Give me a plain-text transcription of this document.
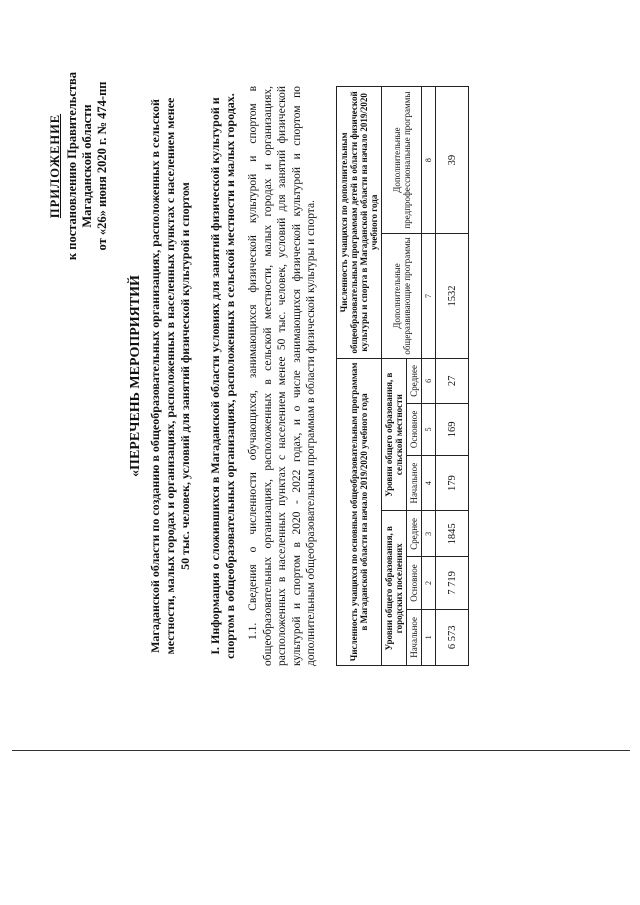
ПРИЛОЖЕНИЕ к постановлению Правительства Магаданской области от «26» июня 2020 г. № 474-пп
«ПЕРЕЧЕНЬ МЕРОПРИЯТИЙ Магаданской области по созданию в общеобразовательных организациях, расположенных в сельской местности, малых городах и организациях, расположенных в населенных пунктах с населением менее 50 тыс. человек, условий для занятий физической культурой и спортом I. Информация о сложившихся в Магаданской области условиях для занятий физической культурой и спортом в общеобразовательных организациях, расположенных в сельской местности и малых городах. 1.1. Сведения о численности обучающихся, занимающихся физической культурой и спортом в общеобразовательных организациях, расположенных в сельской местности, малых городах и организациях, расположенных в населенных пунктах с населением менее 50 тыс. человек, условий для занятий физической культурой и спортом в 2020 - 2022 годах, и о числе занимающихся физической культурой и спортом по дополнительным общеобразовательным программам в области физической культуры и спорта.	Численность учащихся по основным общеобразовательным программам в Магаданской области на начало 2019/2020 учебного года						Численность учащихся по дополнительным общеобразовательным программам детей в области физической культуры и спорта в Магаданской области на начало 2019/2020 учебного года	
Уровни общего образования, в городских поселениях			Уровни общего образования, в сельской местности			Дополнительные общеразвивающие программы	Дополнительные предпрофессиональные программы
Начальное	Основное	Среднее	Начальное	Основное	Среднее		
1	2	3	4	5	6	7	8
6 573	7 719	1845	179	169	27	1532	39
